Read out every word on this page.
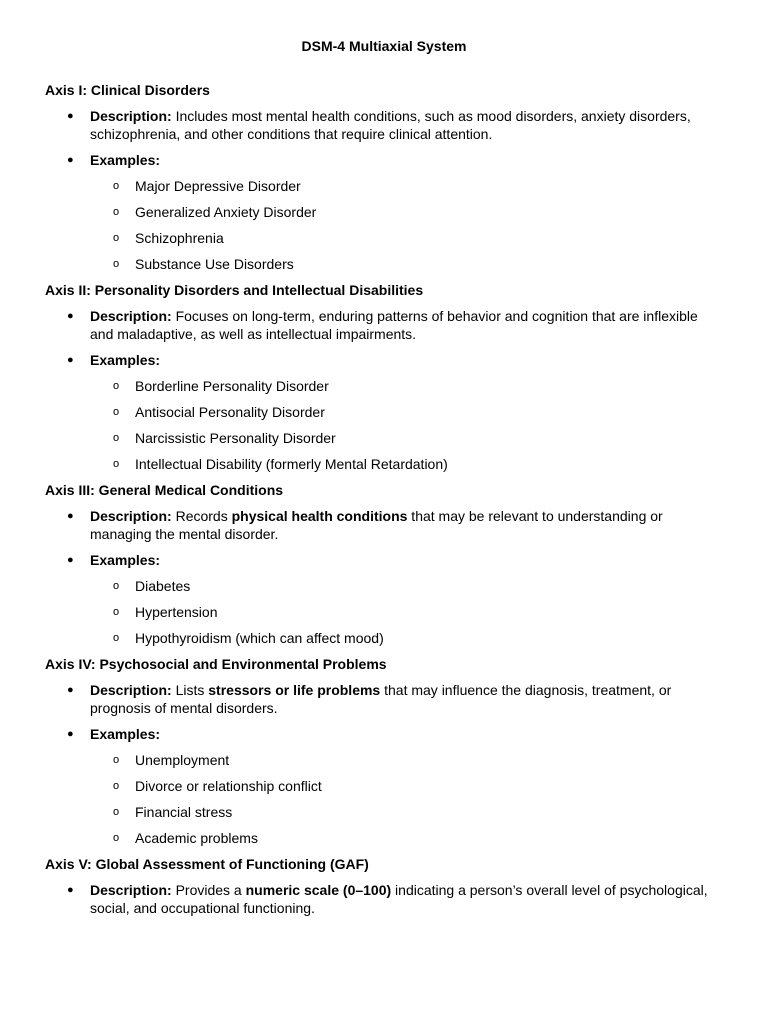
DSM-4 Multiaxial System
Axis I: Clinical Disorders
● Description: Includes most mental health conditions, such as mood disorders, anxiety disorders, schizophrenia, and other conditions that require clinical attention.
● Examples:
o Major Depressive Disorder
o Generalized Anxiety Disorder
o Schizophrenia
o Substance Use Disorders
Axis II: Personality Disorders and Intellectual Disabilities
● Description: Focuses on long-term, enduring patterns of behavior and cognition that are inflexible and maladaptive, as well as intellectual impairments.
● Examples:
o Borderline Personality Disorder
o Antisocial Personality Disorder
o Narcissistic Personality Disorder
o Intellectual Disability (formerly Mental Retardation)
Axis III: General Medical Conditions
● Description: Records physical health conditions that may be relevant to understanding or managing the mental disorder.
● Examples:
o Diabetes
o Hypertension
o Hypothyroidism (which can affect mood)
Axis IV: Psychosocial and Environmental Problems
● Description: Lists stressors or life problems that may influence the diagnosis, treatment, or prognosis of mental disorders.
● Examples:
o Unemployment
o Divorce or relationship conflict
o Financial stress
o Academic problems
Axis V: Global Assessment of Functioning (GAF)
● Description: Provides a numeric scale (0–100) indicating a person’s overall level of psychological, social, and occupational functioning.
